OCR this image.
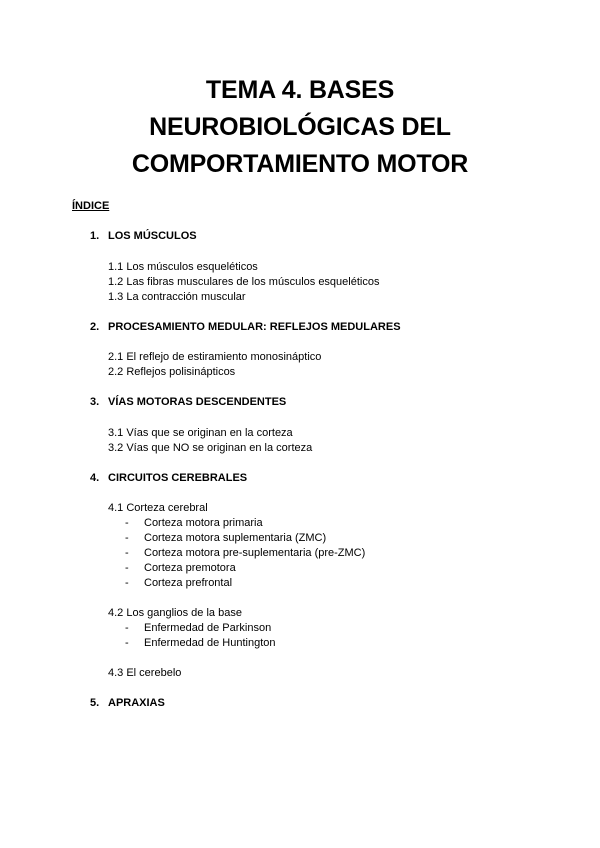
TEMA 4. BASES
NEUROBIOLÓGICAS DEL
COMPORTAMIENTO MOTOR
ÍNDICE
1. LOS MÚSCULOS
1.1 Los músculos esqueléticos
1.2 Las fibras musculares de los músculos esqueléticos
1.3 La contracción muscular
2. PROCESAMIENTO MEDULAR: REFLEJOS MEDULARES
2.1 El reflejo de estiramiento monosináptico
2.2 Reflejos polisinápticos
3. VÍAS MOTORAS DESCENDENTES
3.1 Vías que se originan en la corteza
3.2 Vías que NO se originan en la corteza
4. CIRCUITOS CEREBRALES
4.1 Corteza cerebral
- Corteza motora primaria
- Corteza motora suplementaria (ZMC)
- Corteza motora pre-suplementaria (pre-ZMC)
- Corteza premotora
- Corteza prefrontal
4.2 Los ganglios de la base
- Enfermedad de Parkinson
- Enfermedad de Huntington
4.3 El cerebelo
5. APRAXIAS
